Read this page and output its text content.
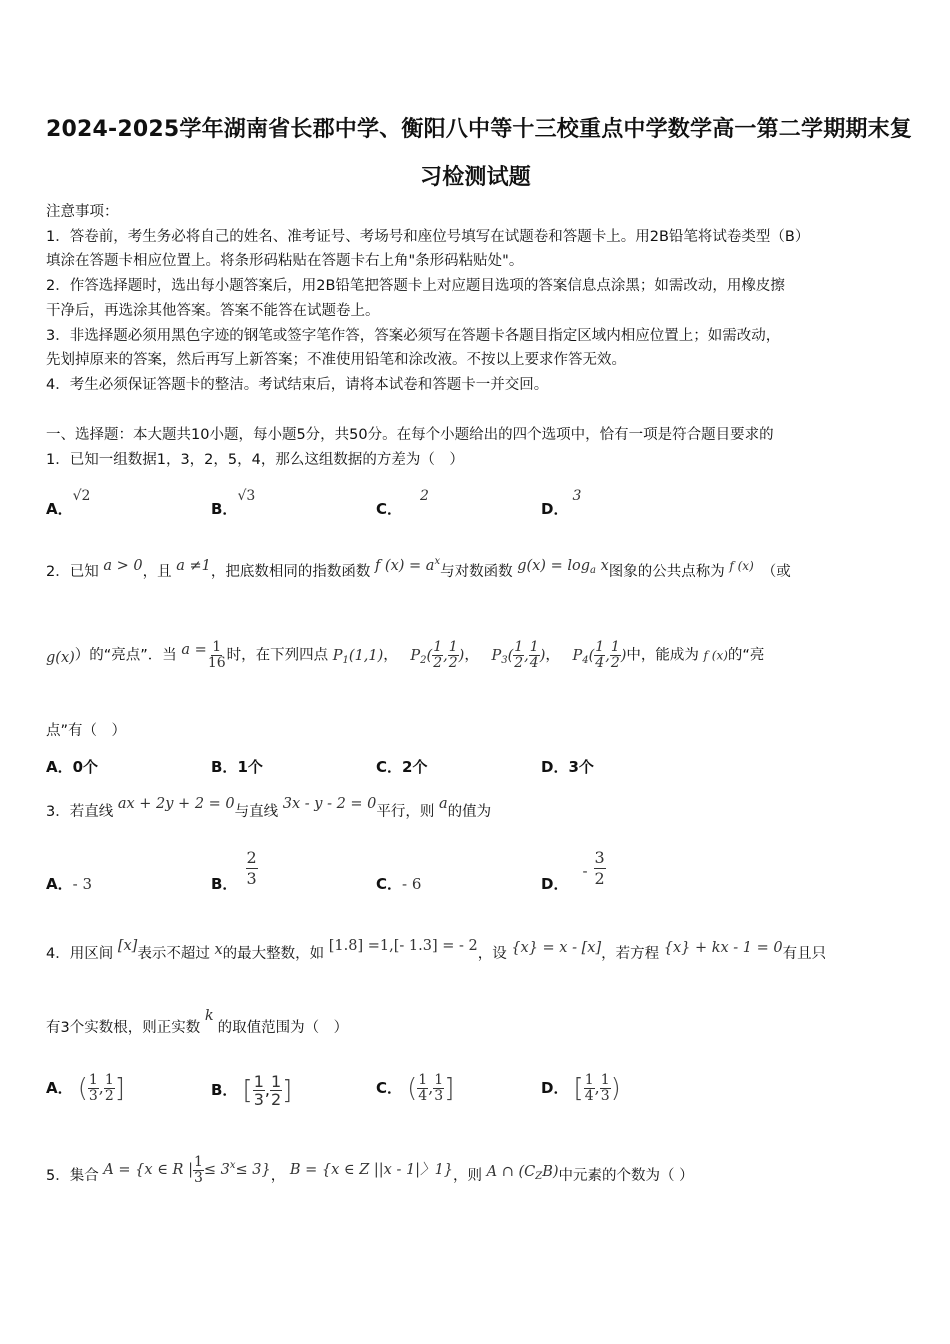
2024-2025学年湖南省长郡中学、衡阳八中等十三校重点中学数学高一第二学期期末复
习检测试题
注意事项：
1．答卷前，考生务必将自己的姓名、准考证号、考场号和座位号填写在试题卷和答题卡上。用2B铅笔将试卷类型（B）
填涂在答题卡相应位置上。将条形码粘贴在答题卡右上角"条形码粘贴处"。
2．作答选择题时，选出每小题答案后，用2B铅笔把答题卡上对应题目选项的答案信息点涂黑；如需改动，用橡皮擦
干净后，再选涂其他答案。答案不能答在试题卷上。
3．非选择题必须用黑色字迹的钢笔或签字笔作答，答案必须写在答题卡各题目指定区域内相应位置上；如需改动，
先划掉原来的答案，然后再写上新答案；不准使用铅笔和涂改液。不按以上要求作答无效。
4．考生必须保证答题卡的整洁。考试结束后，请将本试卷和答题卡一并交回。
一、选择题：本大题共10小题，每小题5分，共50分。在每个小题给出的四个选项中，恰有一项是符合题目要求的
1．已知一组数据1，3，2，5，4，那么这组数据的方差为（　）
A．√2
B．√3
C．2
D．3
2．已知 a > 0，且 a ≠1，把底数相同的指数函数 f $(x) = a^x$与对数函数 $g(x) = \log_a x$图象的公共点称为 $^{f (x)}$ （或
g(x)）的“亮点”．当 $a = \frac{1}{16}$ 时，在下列四点 $P_1(1,1)$， $P_2( \frac{1}{2}$ , $\frac{1}{2}$ )， $P_3( \frac{1}{2}$ , $\frac{1}{4}$ )， $P_4( \frac{1}{4}$ , $\frac{1}{2}$ )中，能成为 f (x)的“亮
点”有（　）
A．0个	B．1个	C．2个	D．3个
3．若直线 ax + 2y + 2 = 0与直线 3x - y - 2 = 0平行，则 a的值为
A．- 3	B． $\frac{2}{3}$	C．- 6	D．- $\frac{3}{2}$
4．用区间 [x]表示不超过 x的最大整数，如 [1.8] =1,[- 1.3] = - 2，设 {x} = x - [x]，若方程 {x} + kx - 1 = 0有且只
有3个实数根，则正实数 k的取值范围为（　）
A． ( $\frac{1}{3}$ , $\frac{1}{2}$ ]	B． [ $\frac{1}{3}$ , $\frac{1}{2}$ ]	C． ( $\frac{1}{4}$ , $\frac{1}{3}$ ]	D． [ $\frac{1}{4}$ , $\frac{1}{3}$ )
5．集合 A = {x ∈ R | $\frac{1}{3} \le 3^x\le 3$}， B = {x ∈ Z ||x - 1|〉1}，则 A ∩ $(C_ZB)$中元素的个数为（ ）
